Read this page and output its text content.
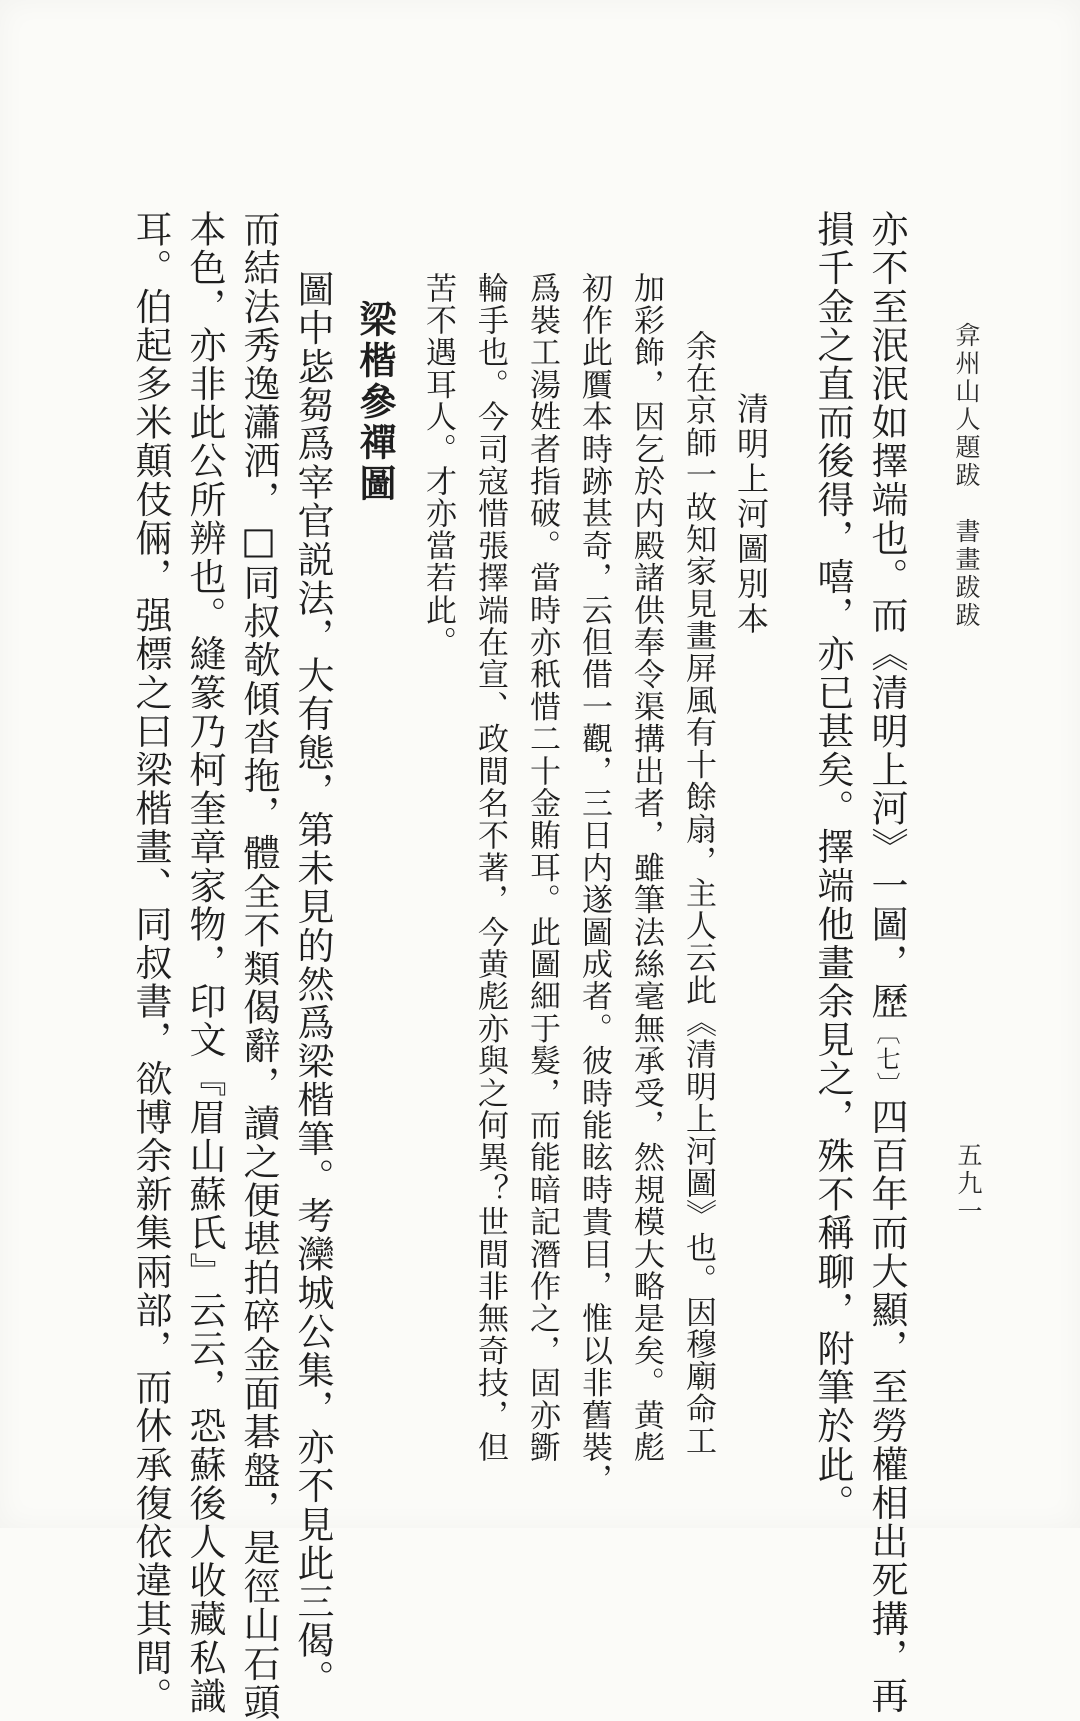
弇州山人題跋　書畫跋跋
五九一
亦不至泯泯如擇端也。而《清明上河》一圖，歷〔七〕四百年而大顯，至勞權相出死搆，再
損千金之直而後得，嘻，亦已甚矣。擇端他畫余見之，殊不稱聊，附筆於此。
清明上河圖別本
余在京師一故知家見畫屏風有十餘扇，主人云此《清明上河圖》也。因穆廟命工
加彩飾，因乞於内殿諸供奉令渠搆出者，雖筆法絲毫無承受，然規模大略是矣。黄彪
初作此贋本時跡甚奇，云但借一觀，三日内遂圖成者。彼時能眩時貴目，惟以非舊裝，
爲裝工湯姓者指破。當時亦秖惜二十金賄耳。此圖細于髮，而能暗記潛作之，固亦斵
輪手也。今司寇惜張擇端在宣、政間名不著，今黄彪亦與之何異？世間非無奇技，但
苦不遇耳人。才亦當若此。
梁楷參禪圖
圖中毖芻爲宰官説法，大有態，第未見的然爲梁楷筆。考灤城公集，亦不見此三偈。
而結法秀逸瀟洒，□同叔欹傾沓拖，體全不類偈辭，讀之便堪拍碎金面碁盤，是徑山石頭
本色，亦非此公所辨也。縫篆乃柯奎章家物，印文『眉山蘇氏』云云，恐蘇後人收藏私識
耳。伯起多米顛伎倆，强標之曰梁楷畫、同叔書，欲博余新集兩部，而休承復依違其間。
